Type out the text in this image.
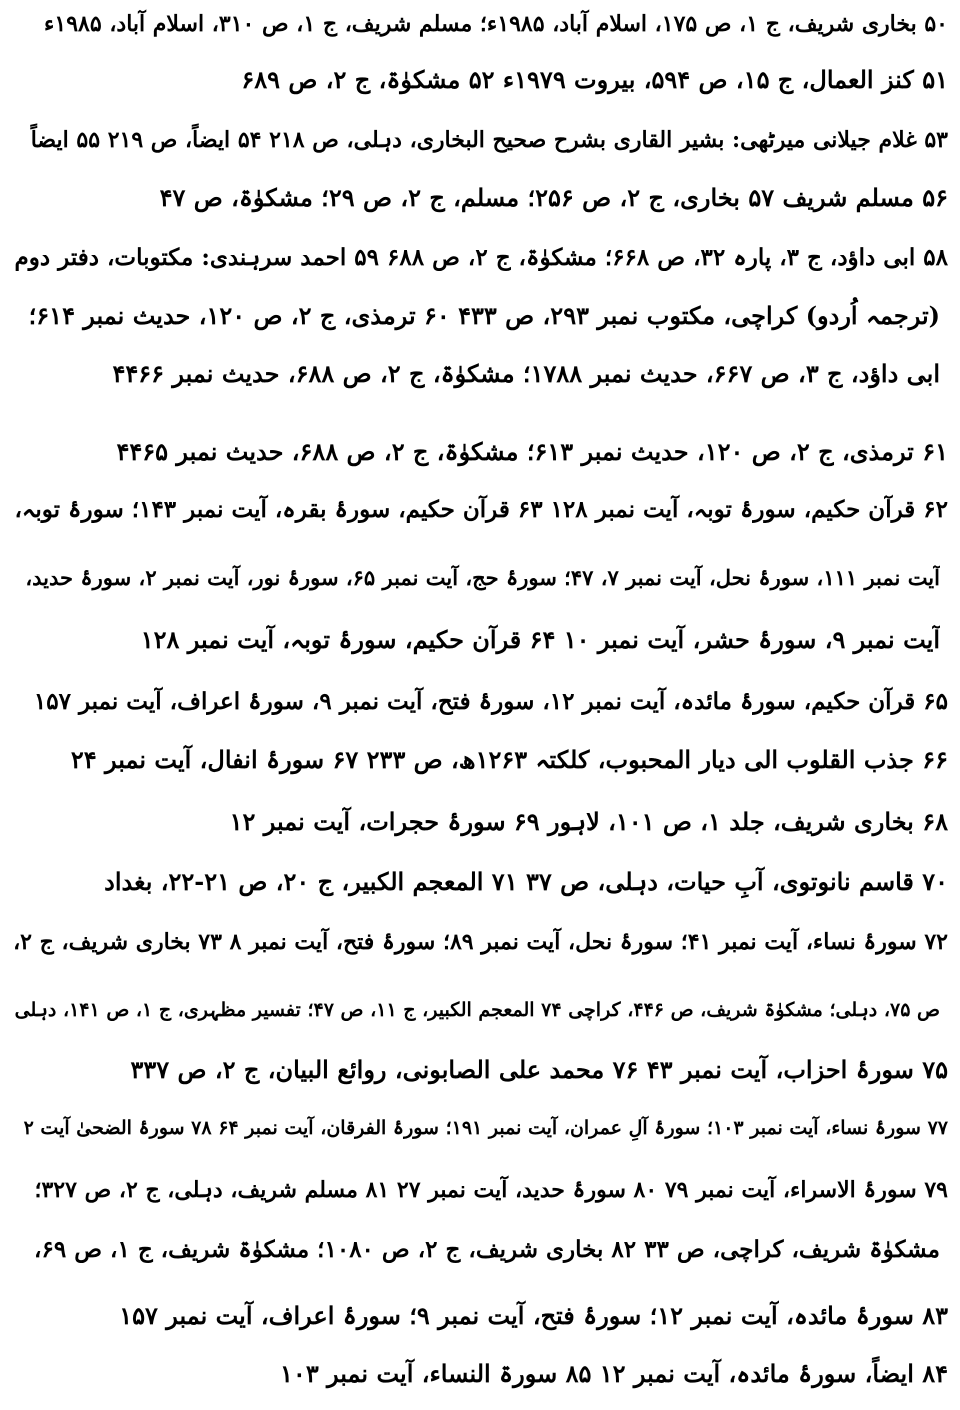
۵۰ بخاری شریف، ج ۱، ص ۱۷۵، اسلام آباد، ۱۹۸۵ء؛ مسلم شریف، ج ۱، ص ۳۱۰، اسلام آباد، ۱۹۸۵ء
۵۱ کنز العمال، ج ۱۵، ص ۵۹۴، بیروت ۱۹۷۹ء ۵۲ مشکوٰۃ، ج ۲، ص ۶۸۹
۵۳ غلام جیلانی میرٹھی: بشیر القاری بشرح صحیح البخاری، دہلی، ص ۲۱۸ ۵۴ ایضاً، ص ۲۱۹ ۵۵ ایضاً
۵۶ مسلم شریف ۵۷ بخاری، ج ۲، ص ۲۵۶؛ مسلم، ج ۲، ص ۲۹؛ مشکوٰۃ، ص ۴۷
۵۸ ابی داؤد، ج ۳، پارہ ۳۲، ص ۶۶۸؛ مشکوٰۃ، ج ۲، ص ۶۸۸ ۵۹ احمد سرہندی: مکتوبات، دفتر دوم
(ترجمہ اُردو) کراچی، مکتوب نمبر ۲۹۳، ص ۴۳۳ ۶۰ ترمذی، ج ۲، ص ۱۲۰، حدیث نمبر ۶۱۴؛
ابی داؤد، ج ۳، ص ۶۶۷، حدیث نمبر ۱۷۸۸؛ مشکوٰۃ، ج ۲، ص ۶۸۸، حدیث نمبر ۴۴۶۶
۶۱ ترمذی، ج ۲، ص ۱۲۰، حدیث نمبر ۶۱۳؛ مشکوٰۃ، ج ۲، ص ۶۸۸، حدیث نمبر ۴۴۶۵
۶۲ قرآن حکیم، سورۂ توبہ، آیت نمبر ۱۲۸ ۶۳ قرآن حکیم، سورۂ بقرہ، آیت نمبر ۱۴۳؛ سورۂ توبہ،
آیت نمبر ۱۱۱، سورۂ نحل، آیت نمبر ۷، ۴۷؛ سورۂ حج، آیت نمبر ۶۵، سورۂ نور، آیت نمبر ۲، سورۂ حدید،
آیت نمبر ۹، سورۂ حشر، آیت نمبر ۱۰ ۶۴ قرآن حکیم، سورۂ توبہ، آیت نمبر ۱۲۸
۶۵ قرآن حکیم، سورۂ مائدہ، آیت نمبر ۱۲، سورۂ فتح، آیت نمبر ۹، سورۂ اعراف، آیت نمبر ۱۵۷
۶۶ جذب القلوب الی دیار المحبوب، کلکتہ ۱۲۶۳ھ، ص ۲۳۳ ۶۷ سورۂ انفال، آیت نمبر ۲۴
۶۸ بخاری شریف، جلد ۱، ص ۱۰۱، لاہور ۶۹ سورۂ حجرات، آیت نمبر ۱۲
۷۰ قاسم نانوتوی، آبِ حیات، دہلی، ص ۳۷ ۷۱ المعجم الکبیر، ج ۲۰، ص ۲۱-۲۲، بغداد
۷۲ سورۂ نساء، آیت نمبر ۴۱؛ سورۂ نحل، آیت نمبر ۸۹؛ سورۂ فتح، آیت نمبر ۸ ۷۳ بخاری شریف، ج ۲،
ص ۷۵، دہلی؛ مشکوٰۃ شریف، ص ۴۴۶، کراچی ۷۴ المعجم الکبیر، ج ۱۱، ص ۴۷؛ تفسیر مظہری، ج ۱، ص ۱۴۱، دہلی
۷۵ سورۂ احزاب، آیت نمبر ۴۳ ۷۶ محمد علی الصابونی، روائع البیان، ج ۲، ص ۳۳۷
۷۷ سورۂ نساء، آیت نمبر ۱۰۳؛ سورۂ آلِ عمران، آیت نمبر ۱۹۱؛ سورۂ الفرقان، آیت نمبر ۶۴ ۷۸ سورۂ الضحیٰ آیت ۲
۷۹ سورۂ الاسراء، آیت نمبر ۷۹ ۸۰ سورۂ حدید، آیت نمبر ۲۷ ۸۱ مسلم شریف، دہلی، ج ۲، ص ۳۲۷؛
مشکوٰۃ شریف، کراچی، ص ۳۳ ۸۲ بخاری شریف، ج ۲، ص ۱۰۸۰؛ مشکوٰۃ شریف، ج ۱، ص ۶۹،
۸۳ سورۂ مائدہ، آیت نمبر ۱۲؛ سورۂ فتح، آیت نمبر ۹؛ سورۂ اعراف، آیت نمبر ۱۵۷
۸۴ ایضاً، سورۂ مائدہ، آیت نمبر ۱۲ ۸۵ سورۃ النساء، آیت نمبر ۱۰۳
